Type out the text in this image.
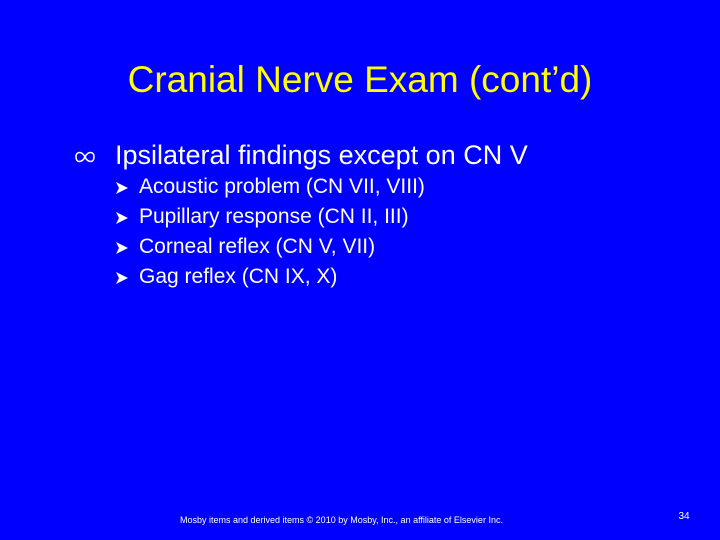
Cranial Nerve Exam (cont’d)
Ipsilateral findings except on CN V
Acoustic problem (CN VII, VIII)
Pupillary response (CN II, III)
Corneal reflex (CN V, VII)
Gag reflex (CN IX, X)
Mosby items and derived items © 2010 by Mosby, Inc., an affiliate of Elsevier Inc.	34
